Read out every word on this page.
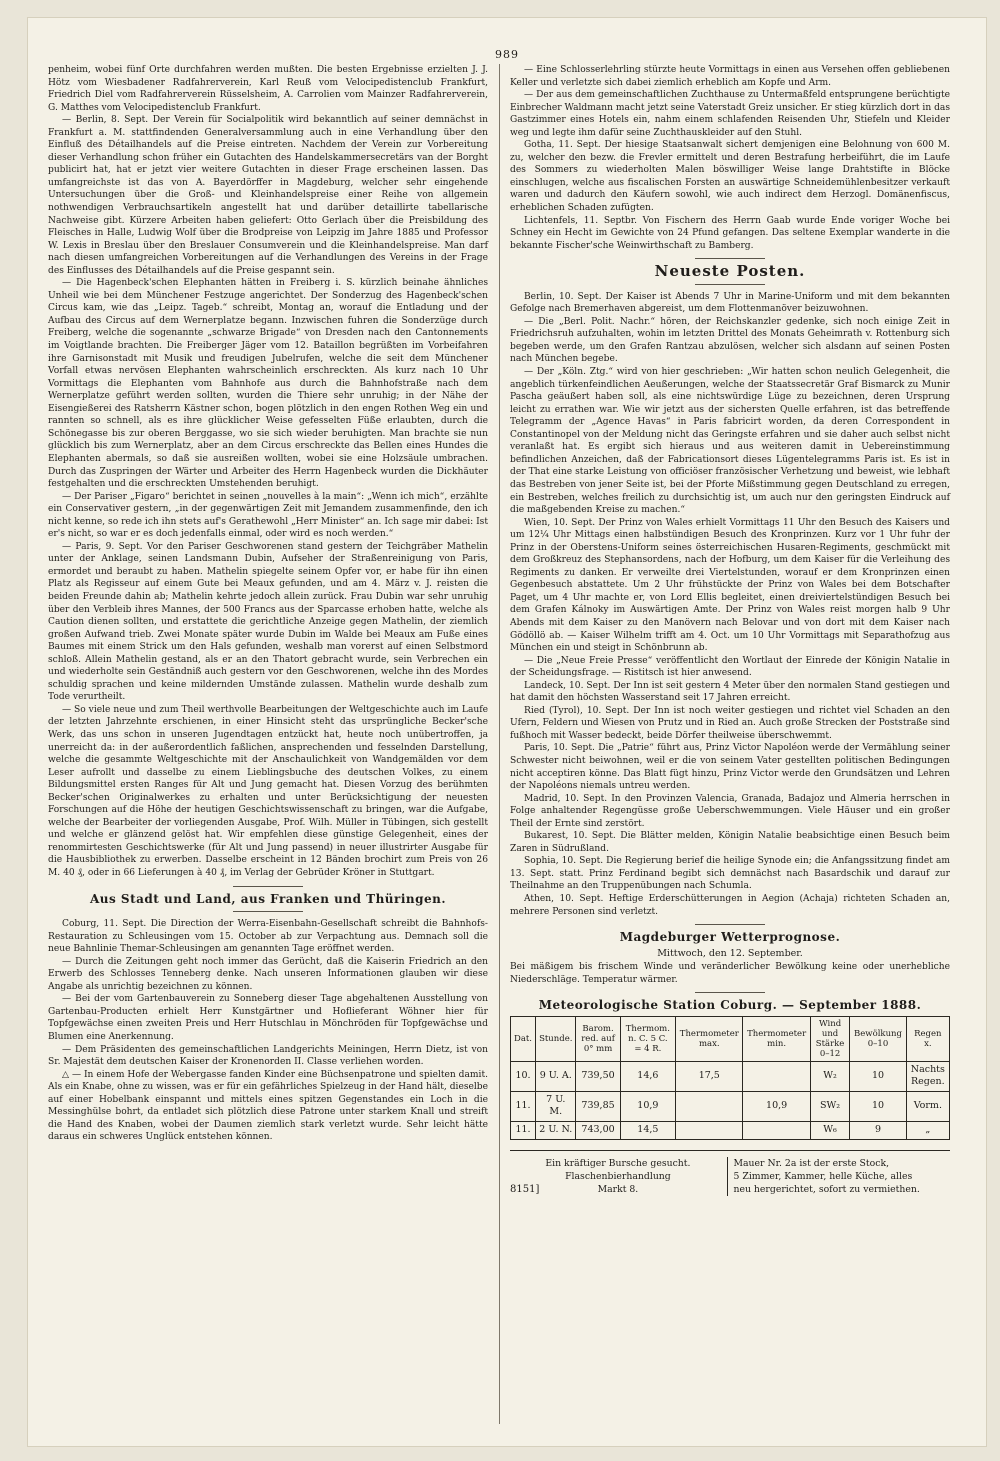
989

penheim, wobei fünf Orte durchfahren werden mußten. Die besten Ergebnisse erzielten J. J. Hötz vom Wiesbadener Radfahrerverein, Karl Reuß vom Velocipedistenclub Frankfurt, Friedrich Diel vom Radfahrerverein Rüsselsheim, A. Carrolien vom Mainzer Radfahrerverein, G. Matthes vom Velocipedistenclub Frankfurt.

— Berlin, 8. Sept. Der Verein für Socialpolitik wird bekanntlich auf seiner demnächst in Frankfurt a. M. stattfindenden Generalversammlung auch in eine Verhandlung über den Einfluß des Détailhandels auf die Preise eintreten. Nachdem der Verein zur Vorbereitung dieser Verhandlung schon früher ein Gutachten des Handelskammersecretärs van der Borght publicirt hat, hat er jetzt vier weitere Gutachten in dieser Frage erscheinen lassen. Das umfangreichste ist das von A. Bayerdörffer in Magdeburg, welcher sehr eingehende Untersuchungen über die Groß- und Kleinhandelspreise einer Reihe von allgemein nothwendigen Verbrauchsartikeln angestellt hat und darüber detaillirte tabellarische Nachweise gibt. Kürzere Arbeiten haben geliefert: Otto Gerlach über die Preisbildung des Fleisches in Halle, Ludwig Wolf über die Brodpreise von Leipzig im Jahre 1885 und Professor W. Lexis in Breslau über den Breslauer Consumverein und die Kleinhandelspreise. Man darf nach diesen umfangreichen Vorbereitungen auf die Verhandlungen des Vereins in der Frage des Einflusses des Détailhandels auf die Preise gespannt sein.

— Die Hagenbeck'schen Elephanten hätten in Freiberg i. S. kürzlich beinahe ähnliches Unheil wie bei dem Münchener Festzuge angerichtet. Der Sonderzug des Hagenbeck'schen Circus kam, wie das „Leipz. Tageb.“ schreibt, Montag an, worauf die Entladung und der Aufbau des Circus auf dem Wernerplatze begann. Inzwischen fuhren die Sonderzüge durch Freiberg, welche die sogenannte „schwarze Brigade“ von Dresden nach den Cantonnements im Voigtlande brachten. Die Freiberger Jäger vom 12. Bataillon begrüßten im Vorbeifahren ihre Garnisonstadt mit Musik und freudigen Jubelrufen, welche die seit dem Münchener Vorfall etwas nervösen Elephanten wahrscheinlich erschreckten. Als kurz nach 10 Uhr Vormittags die Elephanten vom Bahnhofe aus durch die Bahnhofstraße nach dem Wernerplatze geführt werden sollten, wurden die Thiere sehr unruhig; in der Nähe der Eisengießerei des Ratsherrn Kästner schon, bogen plötzlich in den engen Rothen Weg ein und rannten so schnell, als es ihre glücklicher Weise gefesselten Füße erlaubten, durch die Schönegasse bis zur oberen Berggasse, wo sie sich wieder beruhigten. Man brachte sie nun glücklich bis zum Wernerplatz, aber an dem Circus erschreckte das Bellen eines Hundes die Elephanten abermals, so daß sie ausreißen wollten, wobei sie eine Holzsäule umbrachen. Durch das Zuspringen der Wärter und Arbeiter des Herrn Hagenbeck wurden die Dickhäuter festgehalten und die erschreckten Umstehenden beruhigt.

— Der Pariser „Figaro“ berichtet in seinen „nouvelles à la main“: „Wenn ich mich“, erzählte ein Conservativer gestern, „in der gegenwärtigen Zeit mit Jemandem zusammenfinde, den ich nicht kenne, so rede ich ihn stets auf's Gerathewohl „Herr Minister“ an. Ich sage mir dabei: Ist er's nicht, so war er es doch jedenfalls einmal, oder wird es noch werden.“

— Paris, 9. Sept. Vor den Pariser Geschworenen stand gestern der Teichgräber Mathelin unter der Anklage, seinen Landsmann Dubin, Aufseher der Straßenreinigung von Paris, ermordet und beraubt zu haben. Mathelin spiegelte seinem Opfer vor, er habe für ihn einen Platz als Regisseur auf einem Gute bei Meaux gefunden, und am 4. März v. J. reisten die beiden Freunde dahin ab; Mathelin kehrte jedoch allein zurück. Frau Dubin war sehr unruhig über den Verbleib ihres Mannes, der 500 Francs aus der Sparcasse erhoben hatte, welche als Caution dienen sollten, und erstattete die gerichtliche Anzeige gegen Mathelin, der ziemlich großen Aufwand trieb. Zwei Monate später wurde Dubin im Walde bei Meaux am Fuße eines Baumes mit einem Strick um den Hals gefunden, weshalb man vorerst auf einen Selbstmord schloß. Allein Mathelin gestand, als er an den Thatort gebracht wurde, sein Verbrechen ein und wiederholte sein Geständniß auch gestern vor den Geschworenen, welche ihn des Mordes schuldig sprachen und keine mildernden Umstände zulassen. Mathelin wurde deshalb zum Tode verurtheilt.

— So viele neue und zum Theil werthvolle Bearbeitungen der Weltgeschichte auch im Laufe der letzten Jahrzehnte erschienen, in einer Hinsicht steht das ursprüngliche Becker'sche Werk, das uns schon in unseren Jugendtagen entzückt hat, heute noch unübertroffen, ja unerreicht da: in der außerordentlich faßlichen, ansprechenden und fesselnden Darstellung, welche die gesammte Weltgeschichte mit der Anschaulichkeit von Wandgemälden vor dem Leser aufrollt und dasselbe zu einem Lieblingsbuche des deutschen Volkes, zu einem Bildungsmittel ersten Ranges für Alt und Jung gemacht hat. Diesen Vorzug des berühmten Becker'schen Originalwerkes zu erhalten und unter Berücksichtigung der neuesten Forschungen auf die Höhe der heutigen Geschichtswissenschaft zu bringen, war die Aufgabe, welche der Bearbeiter der vorliegenden Ausgabe, Prof. Wilh. Müller in Tübingen, sich gestellt und welche er glänzend gelöst hat. Wir empfehlen diese günstige Gelegenheit, eines der renommirtesten Geschichtswerke (für Alt und Jung passend) in neuer illustrirter Ausgabe für die Hausbibliothek zu erwerben. Dasselbe erscheint in 12 Bänden brochirt zum Preis von 26 M. 40 ₰, oder in 66 Lieferungen à 40 ₰, im Verlag der Gebrüder Kröner in Stuttgart.

Aus Stadt und Land, aus Franken und Thüringen.

Coburg, 11. Sept. Die Direction der Werra-Eisenbahn-Gesellschaft schreibt die Bahnhofs-Restauration zu Schleusingen vom 15. October ab zur Verpachtung aus. Demnach soll die neue Bahnlinie Themar-Schleusingen am genannten Tage eröffnet werden.

— Durch die Zeitungen geht noch immer das Gerücht, daß die Kaiserin Friedrich an den Erwerb des Schlosses Tenneberg denke. Nach unseren Informationen glauben wir diese Angabe als unrichtig bezeichnen zu können.

— Bei der vom Gartenbauverein zu Sonneberg dieser Tage abgehaltenen Ausstellung von Gartenbau-Producten erhielt Herr Kunstgärtner und Hoflieferant Wöhner hier für Topfgewächse einen zweiten Preis und Herr Hutschlau in Mönchröden für Topfgewächse und Blumen eine Anerkennung.

— Dem Präsidenten des gemeinschaftlichen Landgerichts Meiningen, Herrn Dietz, ist von Sr. Majestät dem deutschen Kaiser der Kronenorden II. Classe verliehen worden.

△ — In einem Hofe der Webergasse fanden Kinder eine Büchsenpatrone und spielten damit. Als ein Knabe, ohne zu wissen, was er für ein gefährliches Spielzeug in der Hand hält, dieselbe auf einer Hobelbank einspannt und mittels eines spitzen Gegenstandes ein Loch in die Messinghülse bohrt, da entladet sich plötzlich diese Patrone unter starkem Knall und streift die Hand des Knaben, wobei der Daumen ziemlich stark verletzt wurde. Sehr leicht hätte daraus ein schweres Unglück entstehen können.

— Eine Schlosserlehrling stürzte heute Vormittags in einen aus Versehen offen gebliebenen Keller und verletzte sich dabei ziemlich erheblich am Kopfe und Arm.

— Der aus dem gemeinschaftlichen Zuchthause zu Untermaßfeld entsprungene berüchtigte Einbrecher Waldmann macht jetzt seine Vaterstadt Greiz unsicher. Er stieg kürzlich dort in das Gastzimmer eines Hotels ein, nahm einem schlafenden Reisenden Uhr, Stiefeln und Kleider weg und legte ihm dafür seine Zuchthauskleider auf den Stuhl.

Gotha, 11. Sept. Der hiesige Staatsanwalt sichert demjenigen eine Belohnung von 600 M. zu, welcher den bezw. die Frevler ermittelt und deren Bestrafung herbeiführt, die im Laufe des Sommers zu wiederholten Malen böswilliger Weise lange Drahtstifte in Blöcke einschlugen, welche aus fiscalischen Forsten an auswärtige Schneidemühlenbesitzer verkauft waren und dadurch den Käufern sowohl, wie auch indirect dem Herzogl. Domänenfiscus, erheblichen Schaden zufügten.

Lichtenfels, 11. Septbr. Von Fischern des Herrn Gaab wurde Ende voriger Woche bei Schney ein Hecht im Gewichte von 24 Pfund gefangen. Das seltene Exemplar wanderte in die bekannte Fischer'sche Weinwirthschaft zu Bamberg.

Neueste Posten.

Berlin, 10. Sept. Der Kaiser ist Abends 7 Uhr in Marine-Uniform und mit dem bekannten Gefolge nach Bremerhaven abgereist, um dem Flottenmanöver beizuwohnen.

— Die „Berl. Polit. Nachr.“ hören, der Reichskanzler gedenke, sich noch einige Zeit in Friedrichsruh aufzuhalten, wohin im letzten Drittel des Monats Geheimrath v. Rottenburg sich begeben werde, um den Grafen Rantzau abzulösen, welcher sich alsdann auf seinen Posten nach München begebe.

— Der „Köln. Ztg.“ wird von hier geschrieben: „Wir hatten schon neulich Gelegenheit, die angeblich türkenfeindlichen Aeußerungen, welche der Staatssecretär Graf Bismarck zu Munir Pascha geäußert haben soll, als eine nichtswürdige Lüge zu bezeichnen, deren Ursprung leicht zu errathen war. Wie wir jetzt aus der sichersten Quelle erfahren, ist das betreffende Telegramm der „Agence Havas“ in Paris fabricirt worden, da deren Correspondent in Constantinopel von der Meldung nicht das Geringste erfahren und sie daher auch selbst nicht veranlaßt hat. Es ergibt sich hieraus und aus weiteren damit in Uebereinstimmung befindlichen Anzeichen, daß der Fabricationsort dieses Lügentelegramms Paris ist. Es ist in der That eine starke Leistung von officiöser französischer Verhetzung und beweist, wie lebhaft das Bestreben von jener Seite ist, bei der Pforte Mißstimmung gegen Deutschland zu erregen, ein Bestreben, welches freilich zu durchsichtig ist, um auch nur den geringsten Eindruck auf die maßgebenden Kreise zu machen.“

Wien, 10. Sept. Der Prinz von Wales erhielt Vormittags 11 Uhr den Besuch des Kaisers und um 12¼ Uhr Mittags einen halbstündigen Besuch des Kronprinzen. Kurz vor 1 Uhr fuhr der Prinz in der Oberstens-Uniform seines österreichischen Husaren-Regiments, geschmückt mit dem Großkreuz des Stephansordens, nach der Hofburg, um dem Kaiser für die Verleihung des Regiments zu danken. Er verweilte drei Viertelstunden, worauf er dem Kronprinzen einen Gegenbesuch abstattete. Um 2 Uhr frühstückte der Prinz von Wales bei dem Botschafter Paget, um 4 Uhr machte er, von Lord Ellis begleitet, einen dreiviertelstündigen Besuch bei dem Grafen Kálnoky im Auswärtigen Amte. Der Prinz von Wales reist morgen halb 9 Uhr Abends mit dem Kaiser zu den Manövern nach Belovar und von dort mit dem Kaiser nach Gödöllö ab. — Kaiser Wilhelm trifft am 4. Oct. um 10 Uhr Vormittags mit Separathofzug aus München ein und steigt in Schönbrunn ab.

— Die „Neue Freie Presse“ veröffentlicht den Wortlaut der Einrede der Königin Natalie in der Scheidungsfrage. — Ristitsch ist hier anwesend.

Landeck, 10. Sept. Der Inn ist seit gestern 4 Meter über den normalen Stand gestiegen und hat damit den höchsten Wasserstand seit 17 Jahren erreicht.

Ried (Tyrol), 10. Sept. Der Inn ist noch weiter gestiegen und richtet viel Schaden an den Ufern, Feldern und Wiesen von Prutz und in Ried an. Auch große Strecken der Poststraße sind fußhoch mit Wasser bedeckt, beide Dörfer theilweise überschwemmt.

Paris, 10. Sept. Die „Patrie“ führt aus, Prinz Victor Napoléon werde der Vermählung seiner Schwester nicht beiwohnen, weil er die von seinem Vater gestellten politischen Bedingungen nicht acceptiren könne. Das Blatt fügt hinzu, Prinz Victor werde den Grundsätzen und Lehren der Napoléons niemals untreu werden.

Madrid, 10. Sept. In den Provinzen Valencia, Granada, Badajoz und Almeria herrschen in Folge anhaltender Regengüsse große Ueberschwemmungen. Viele Häuser und ein großer Theil der Ernte sind zerstört.

Bukarest, 10. Sept. Die Blätter melden, Königin Natalie beabsichtige einen Besuch beim Zaren in Südrußland.

Sophia, 10. Sept. Die Regierung berief die heilige Synode ein; die Anfangssitzung findet am 13. Sept. statt. Prinz Ferdinand begibt sich demnächst nach Basardschik und darauf zur Theilnahme an den Truppenübungen nach Schumla.

Athen, 10. Sept. Heftige Erderschütterungen in Aegion (Achaja) richteten Schaden an, mehrere Personen sind verletzt.

Magdeburger Wetterprognose.
Mittwoch, den 12. September.

Bei mäßigem bis frischem Winde und veränderlicher Bewölkung keine oder unerhebliche Niederschläge. Temperatur wärmer.

Meteorologische Station Coburg. — September 1888.
Dat.	Stunde.	Barom. red. auf 0° mm	Thermom. n. C. 5 C. = 4 R.	Thermometer max.	Thermometer min.	Wind und Stärke 0–12	Bewölkung 0–10	Regen x.
10.	9 U. A.	739,50	14,6	17,5		W₂	10	Nachts Regen.
11.	7 U. M.	739,85	10,9		10,9	SW₂	10	Vorm.
11.	2 U. N.	743,00	14,5			W₆	9	„
8151]
Ein kräftiger Bursche gesucht.
Flaschenbierhandlung
Markt 8.
Mauer Nr. 2a ist der erste Stock,
5 Zimmer, Kammer, helle Küche, alles
neu hergerichtet, sofort zu vermiethen.
